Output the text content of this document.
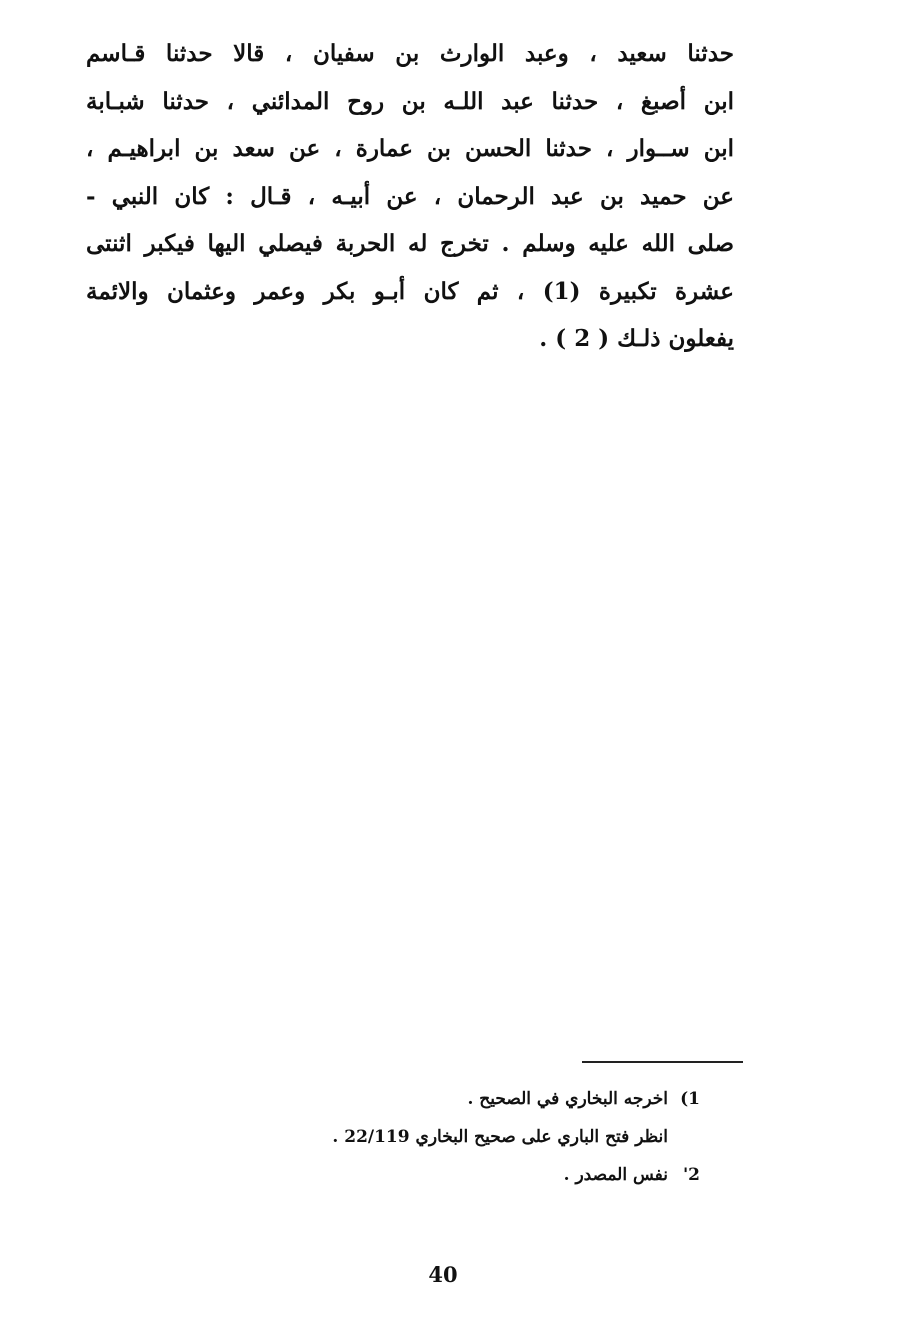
حدثنا سعيد ، وعبد الوارث بن سفيان ، قالا حدثنا قـاسم
ابن أصبغ ، حدثنا عبد اللـه بن روح المدائني ، حدثنا شبـابة
ابن ســوار ، حدثنا الحسن بن عمارة ، عن سعد بن ابراهيـم ،
عن حميد بن عبد الرحمان ، عن أبيـه ، قـال : كان النبي -
صلى الله عليه وسلم . تخرج له الحربة فيصلي اليها فيكبر اثنتى
عشرة تكبيرة (1) ، ثم كان أبـو بكر وعمر وعثمان والائمة
يفعلون ذلـك ( 2 ) .
1)اخرجه البخاري في الصحيح .
انظر فتح الباري على صحيح البخاري 22/119 .
2'نفس المصدر .
40
